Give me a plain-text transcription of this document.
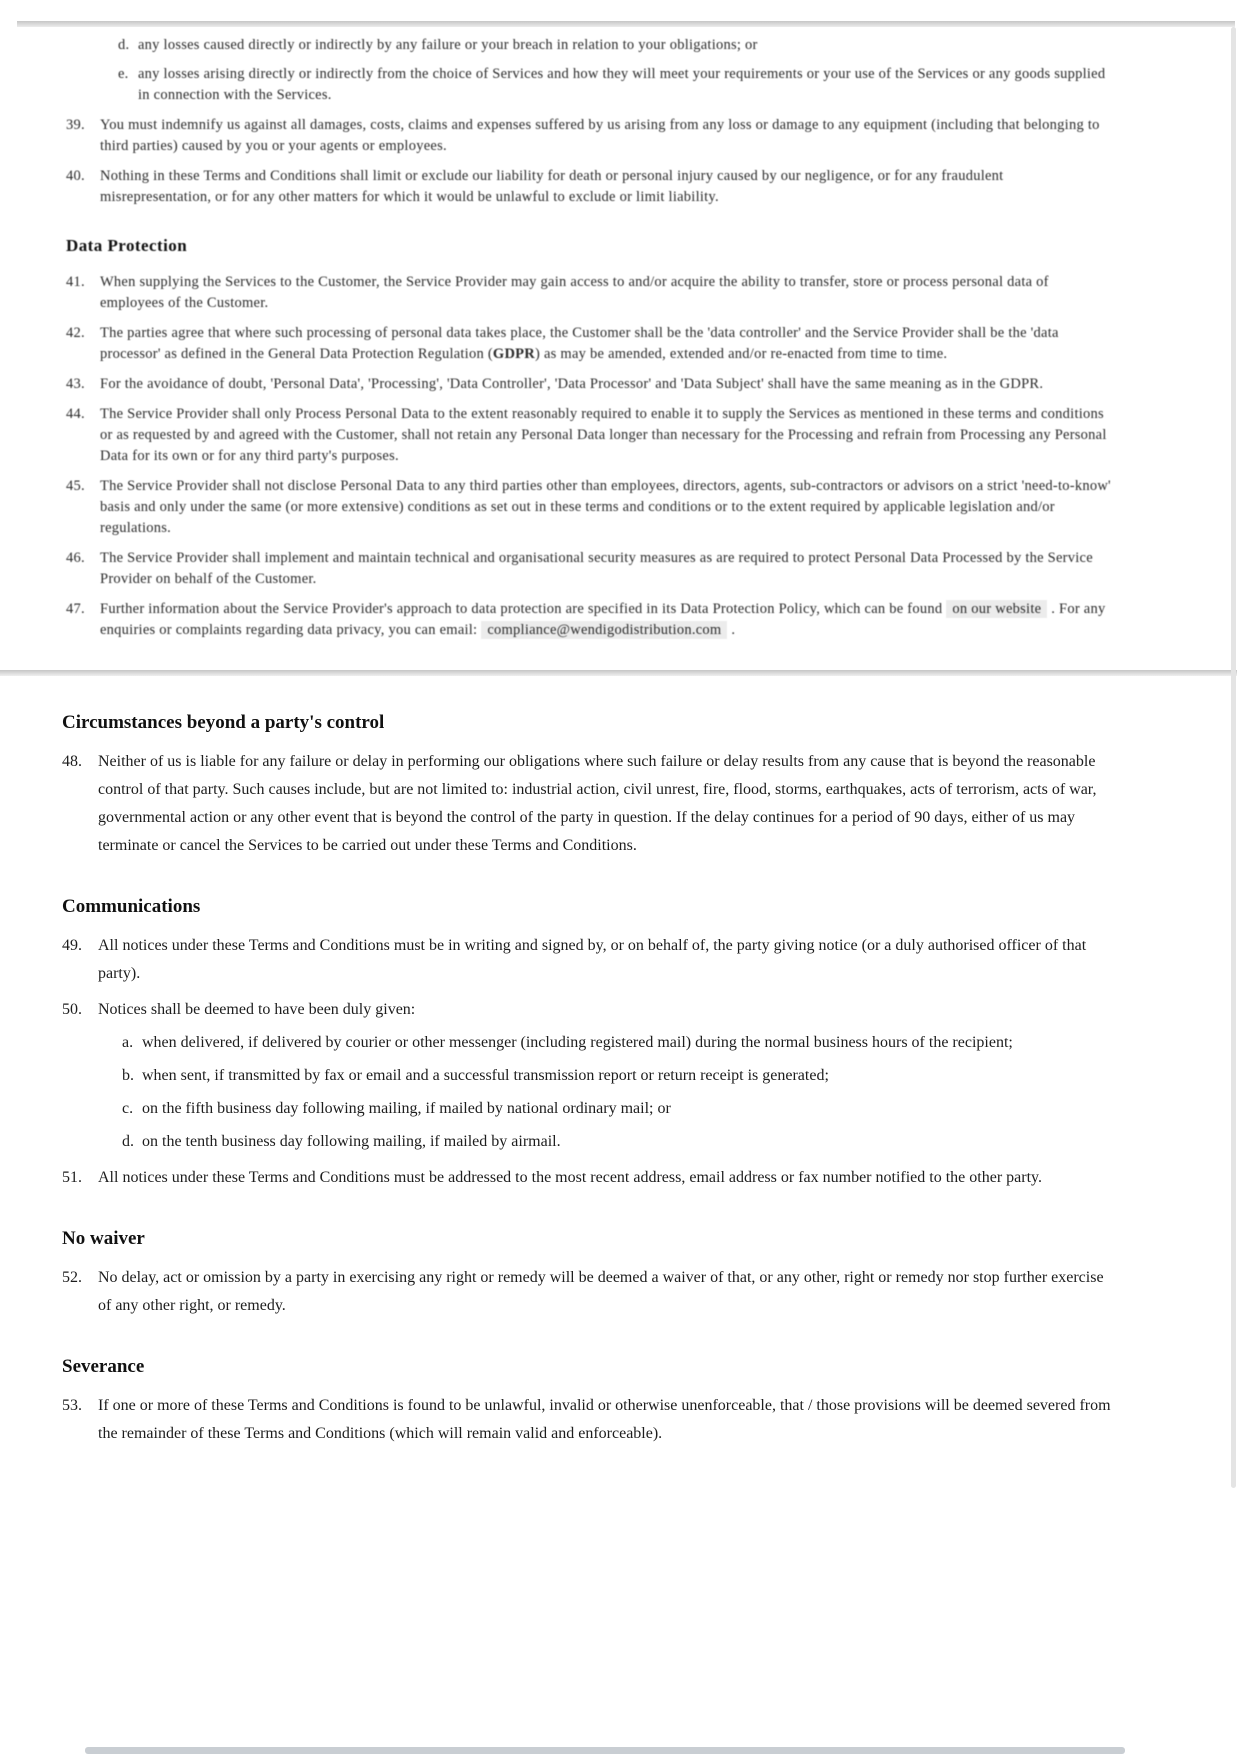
d. any losses caused directly or indirectly by any failure or your breach in relation to your obligations; or

e. any losses arising directly or indirectly from the choice of Services and how they will meet your requirements or your use of the Services or any goods supplied in connection with the Services.

39.	You must indemnify us against all damages, costs, claims and expenses suffered by us arising from any loss or damage to any equipment (including that belonging to third parties) caused by you or your agents or employees.

40.	Nothing in these Terms and Conditions shall limit or exclude our liability for death or personal injury caused by our negligence, or for any fraudulent misrepresentation, or for any other matters for which it would be unlawful to exclude or limit liability.

Data Protection
41.	When supplying the Services to the Customer, the Service Provider may gain access to and/or acquire the ability to transfer, store or process personal data of employees of the Customer.

42.	The parties agree that where such processing of personal data takes place, the Customer shall be the 'data controller' and the Service Provider shall be the 'data processor' as defined in the General Data Protection Regulation (GDPR) as may be amended, extended and/or re-enacted from time to time.

43.	For the avoidance of doubt, 'Personal Data', 'Processing', 'Data Controller', 'Data Processor' and 'Data Subject' shall have the same meaning as in the GDPR.

44.	The Service Provider shall only Process Personal Data to the extent reasonably required to enable it to supply the Services as mentioned in these terms and conditions or as requested by and agreed with the Customer, shall not retain any Personal Data longer than necessary for the Processing and refrain from Processing any Personal Data for its own or for any third party's purposes.

45.	The Service Provider shall not disclose Personal Data to any third parties other than employees, directors, agents, sub-contractors or advisors on a strict 'need-to-know' basis and only under the same (or more extensive) conditions as set out in these terms and conditions or to the extent required by applicable legislation and/or regulations.

46.	The Service Provider shall implement and maintain technical and organisational security measures as are required to protect Personal Data Processed by the Service Provider on behalf of the Customer.

47.	Further information about the Service Provider's approach to data protection are specified in its Data Protection Policy, which can be found on our website . For any enquiries or complaints regarding data privacy, you can email: compliance@wendigodistribution.com .

Circumstances beyond a party's control
48.	Neither of us is liable for any failure or delay in performing our obligations where such failure or delay results from any cause that is beyond the reasonable control of that party. Such causes include, but are not limited to: industrial action, civil unrest, fire, flood, storms, earthquakes, acts of terrorism, acts of war, governmental action or any other event that is beyond the control of the party in question. If the delay continues for a period of 90 days, either of us may terminate or cancel the Services to be carried out under these Terms and Conditions.

Communications
49.	All notices under these Terms and Conditions must be in writing and signed by, or on behalf of, the party giving notice (or a duly authorised officer of that party).

50.	Notices shall be deemed to have been duly given:

a. when delivered, if delivered by courier or other messenger (including registered mail) during the normal business hours of the recipient;

b. when sent, if transmitted by fax or email and a successful transmission report or return receipt is generated;

c. on the fifth business day following mailing, if mailed by national ordinary mail; or

d. on the tenth business day following mailing, if mailed by airmail.

51.	All notices under these Terms and Conditions must be addressed to the most recent address, email address or fax number notified to the other party.

No waiver
52.	No delay, act or omission by a party in exercising any right or remedy will be deemed a waiver of that, or any other, right or remedy nor stop further exercise of any other right, or remedy.

Severance
53.	If one or more of these Terms and Conditions is found to be unlawful, invalid or otherwise unenforceable, that / those provisions will be deemed severed from the remainder of these Terms and Conditions (which will remain valid and enforceable).
